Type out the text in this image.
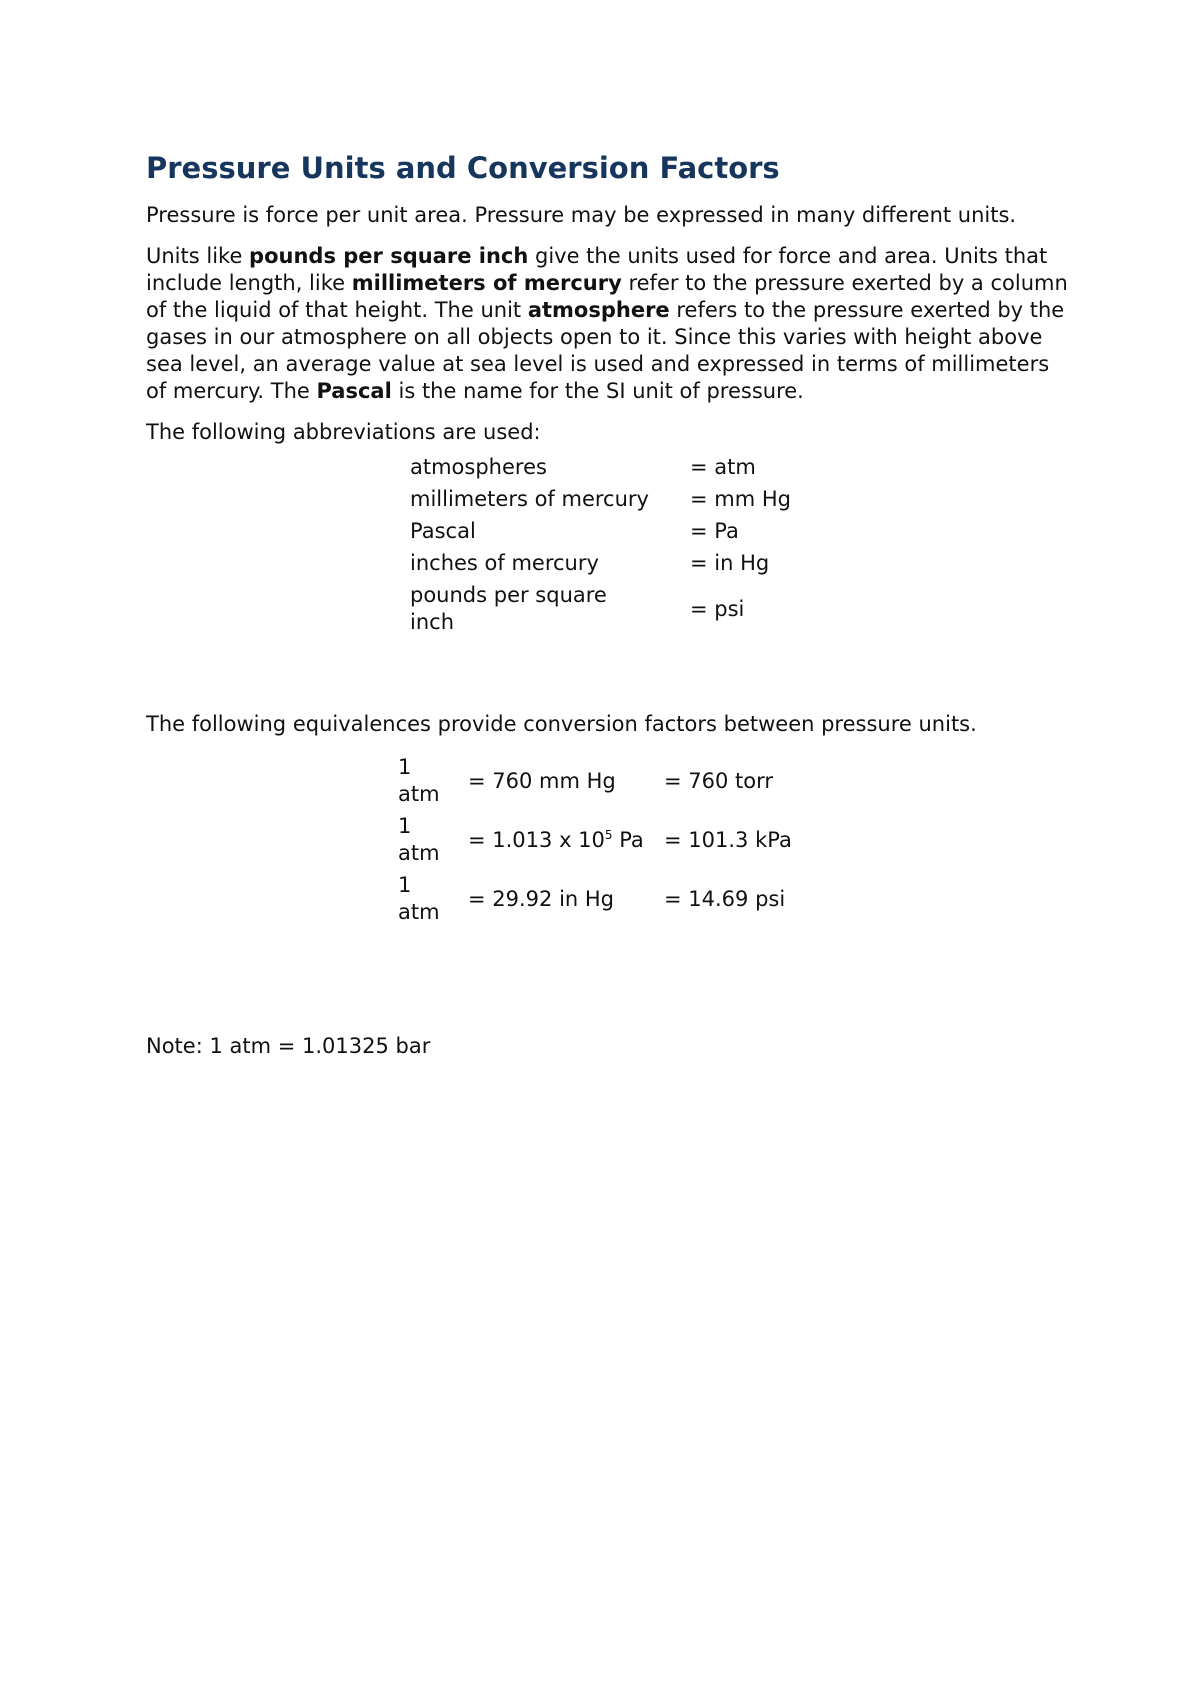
Pressure Units and Conversion Factors

Pressure is force per unit area. Pressure may be expressed in many different units.

Units like pounds per square inch give the units used for force and area. Units that include length, like millimeters of mercury refer to the pressure exerted by a column of the liquid of that height. The unit atmosphere refers to the pressure exerted by the gases in our atmosphere on all objects open to it. Since this varies with height above sea level, an average value at sea level is used and expressed in terms of millimeters of mercury. The Pascal is the name for the SI unit of pressure.

The following abbreviations are used:

atmospheres	= atm
millimeters of mercury	= mm Hg
Pascal	= Pa
inches of mercury	= in Hg

pounds per square inch	= psi

The following equivalences provide conversion factors between pressure units.

1 atm	= 760 mm Hg	= 760 torr

1 atm	= 1.013 x $10^5$ Pa	= 101.3 kPa

1 atm	= 29.92 in Hg	= 14.69 psi

Note: 1 atm = 1.01325 bar
